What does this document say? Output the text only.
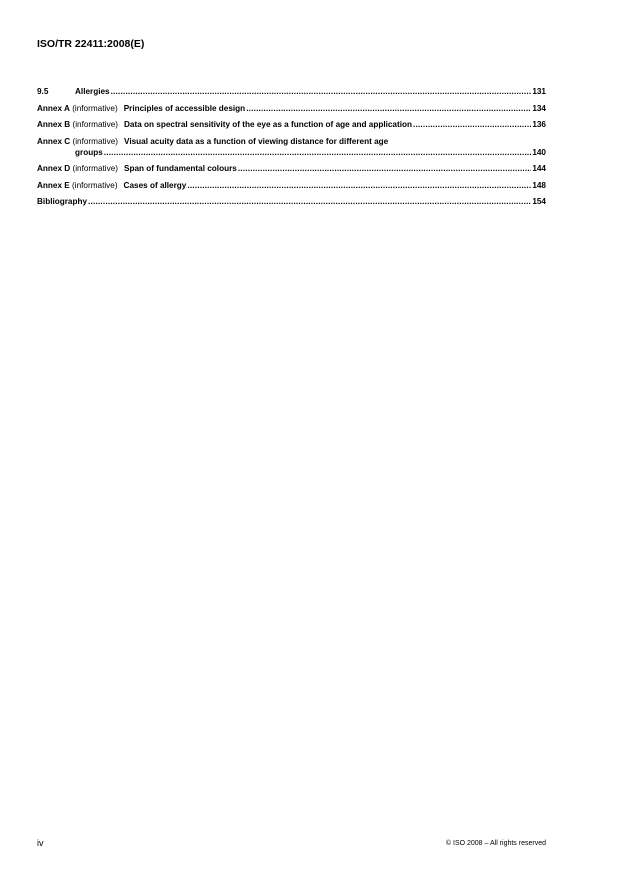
ISO/TR 22411:2008(E)
9.5	Allergies .....	131
Annex A (informative) Principles of accessible design .....	134
Annex B (informative) Data on spectral sensitivity of the eye as a function of age and application .....	136
Annex C (informative) Visual acuity data as a function of viewing distance for different age
groups .....	140
Annex D (informative) Span of fundamental colours .....	144
Annex E (informative) Cases of allergy .....	148
Bibliography .....	154
iv	© ISO 2008 – All rights reserved
